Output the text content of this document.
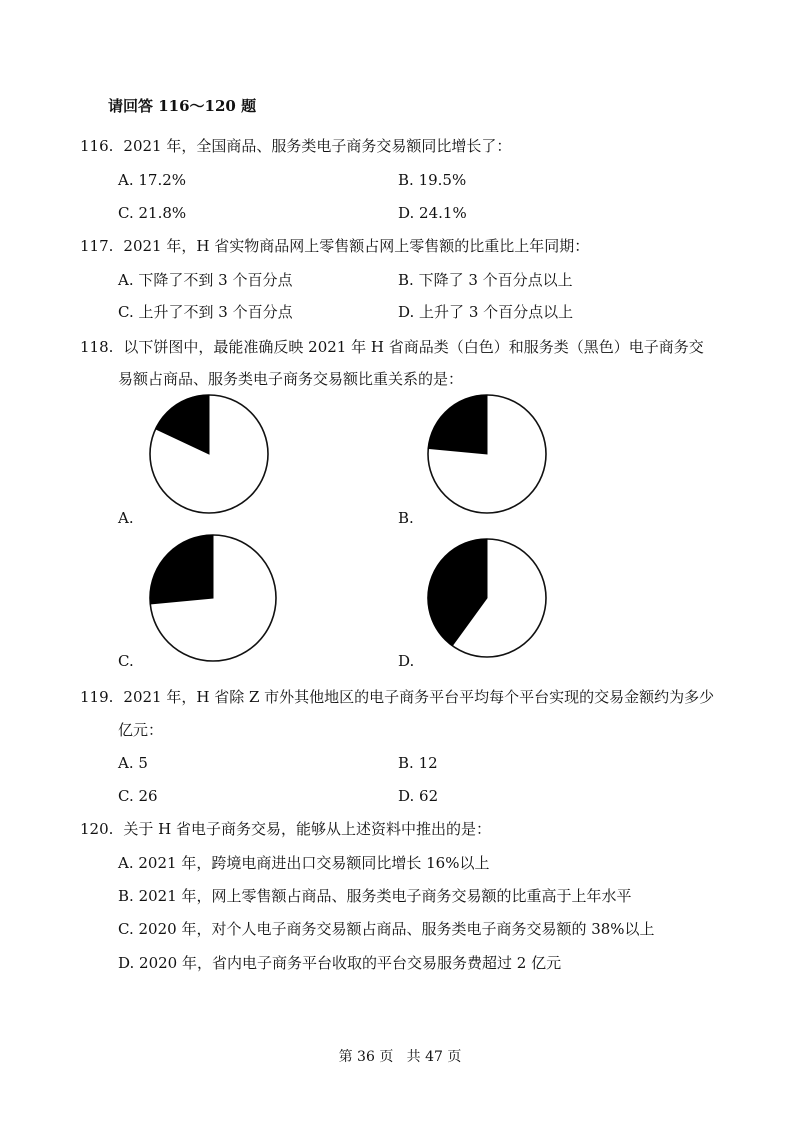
请回答 116～120 题
116. 2021 年，全国商品、服务类电子商务交易额同比增长了：
A. 17.2%	B. 19.5%
C. 21.8%	D. 24.1%
117. 2021 年，H 省实物商品网上零售额占网上零售额的比重比上年同期：
A. 下降了不到 3 个百分点	B. 下降了 3 个百分点以上
C. 上升了不到 3 个百分点	D. 上升了 3 个百分点以上
118. 以下饼图中，最能准确反映 2021 年 H 省商品类（白色）和服务类（黑色）电子商务交
易额占商品、服务类电子商务交易额比重关系的是：
A.	B.
C.	D.
119. 2021 年，H 省除 Z 市外其他地区的电子商务平台平均每个平台实现的交易金额约为多少
亿元：
A. 5	B. 12
C. 26	D. 62
120. 关于 H 省电子商务交易，能够从上述资料中推出的是：
A. 2021 年，跨境电商进出口交易额同比增长 16%以上
B. 2021 年，网上零售额占商品、服务类电子商务交易额的比重高于上年水平
C. 2020 年，对个人电子商务交易额占商品、服务类电子商务交易额的 38%以上
D. 2020 年，省内电子商务平台收取的平台交易服务费超过 2 亿元
第 36 页   共 47 页
